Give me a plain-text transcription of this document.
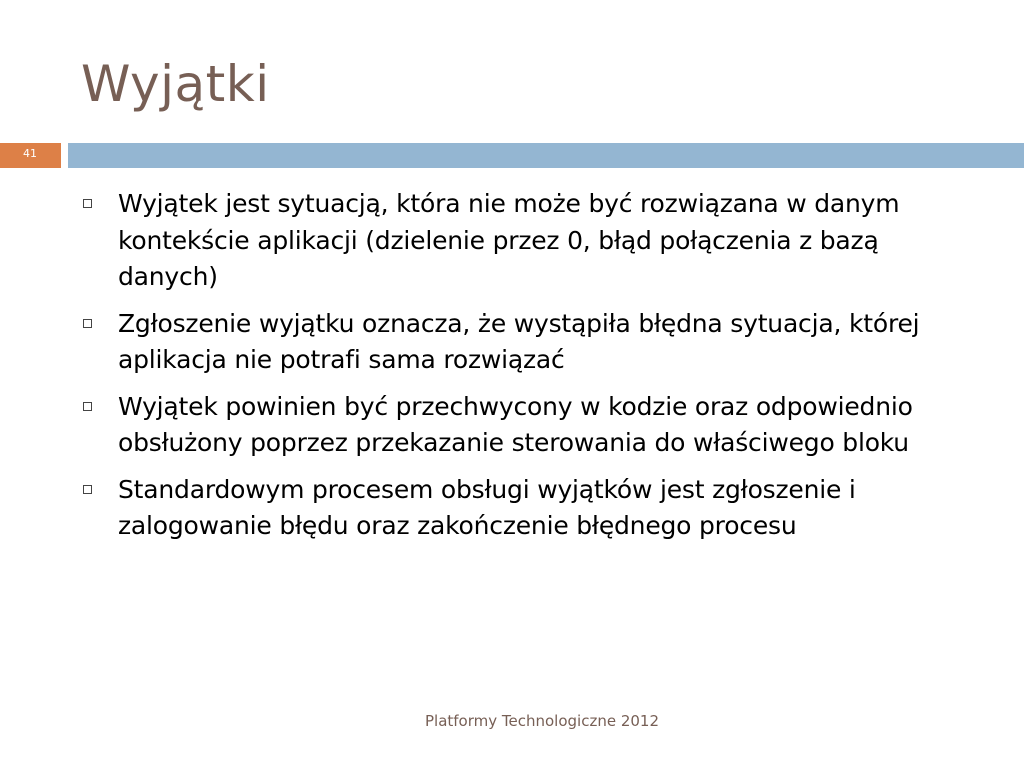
Wyjątki
41
Wyjątek jest sytuacją, która nie może być rozwiązana w danym kontekście aplikacji (dzielenie przez 0, błąd połączenia z bazą danych)
Zgłoszenie wyjątku oznacza, że wystąpiła błędna sytuacja, której aplikacja nie potrafi sama rozwiązać
Wyjątek powinien być przechwycony w kodzie oraz odpowiednio obsłużony poprzez przekazanie sterowania do właściwego bloku
Standardowym procesem obsługi wyjątków jest zgłoszenie i zalogowanie błędu oraz zakończenie błędnego procesu
Platformy Technologiczne 2012
